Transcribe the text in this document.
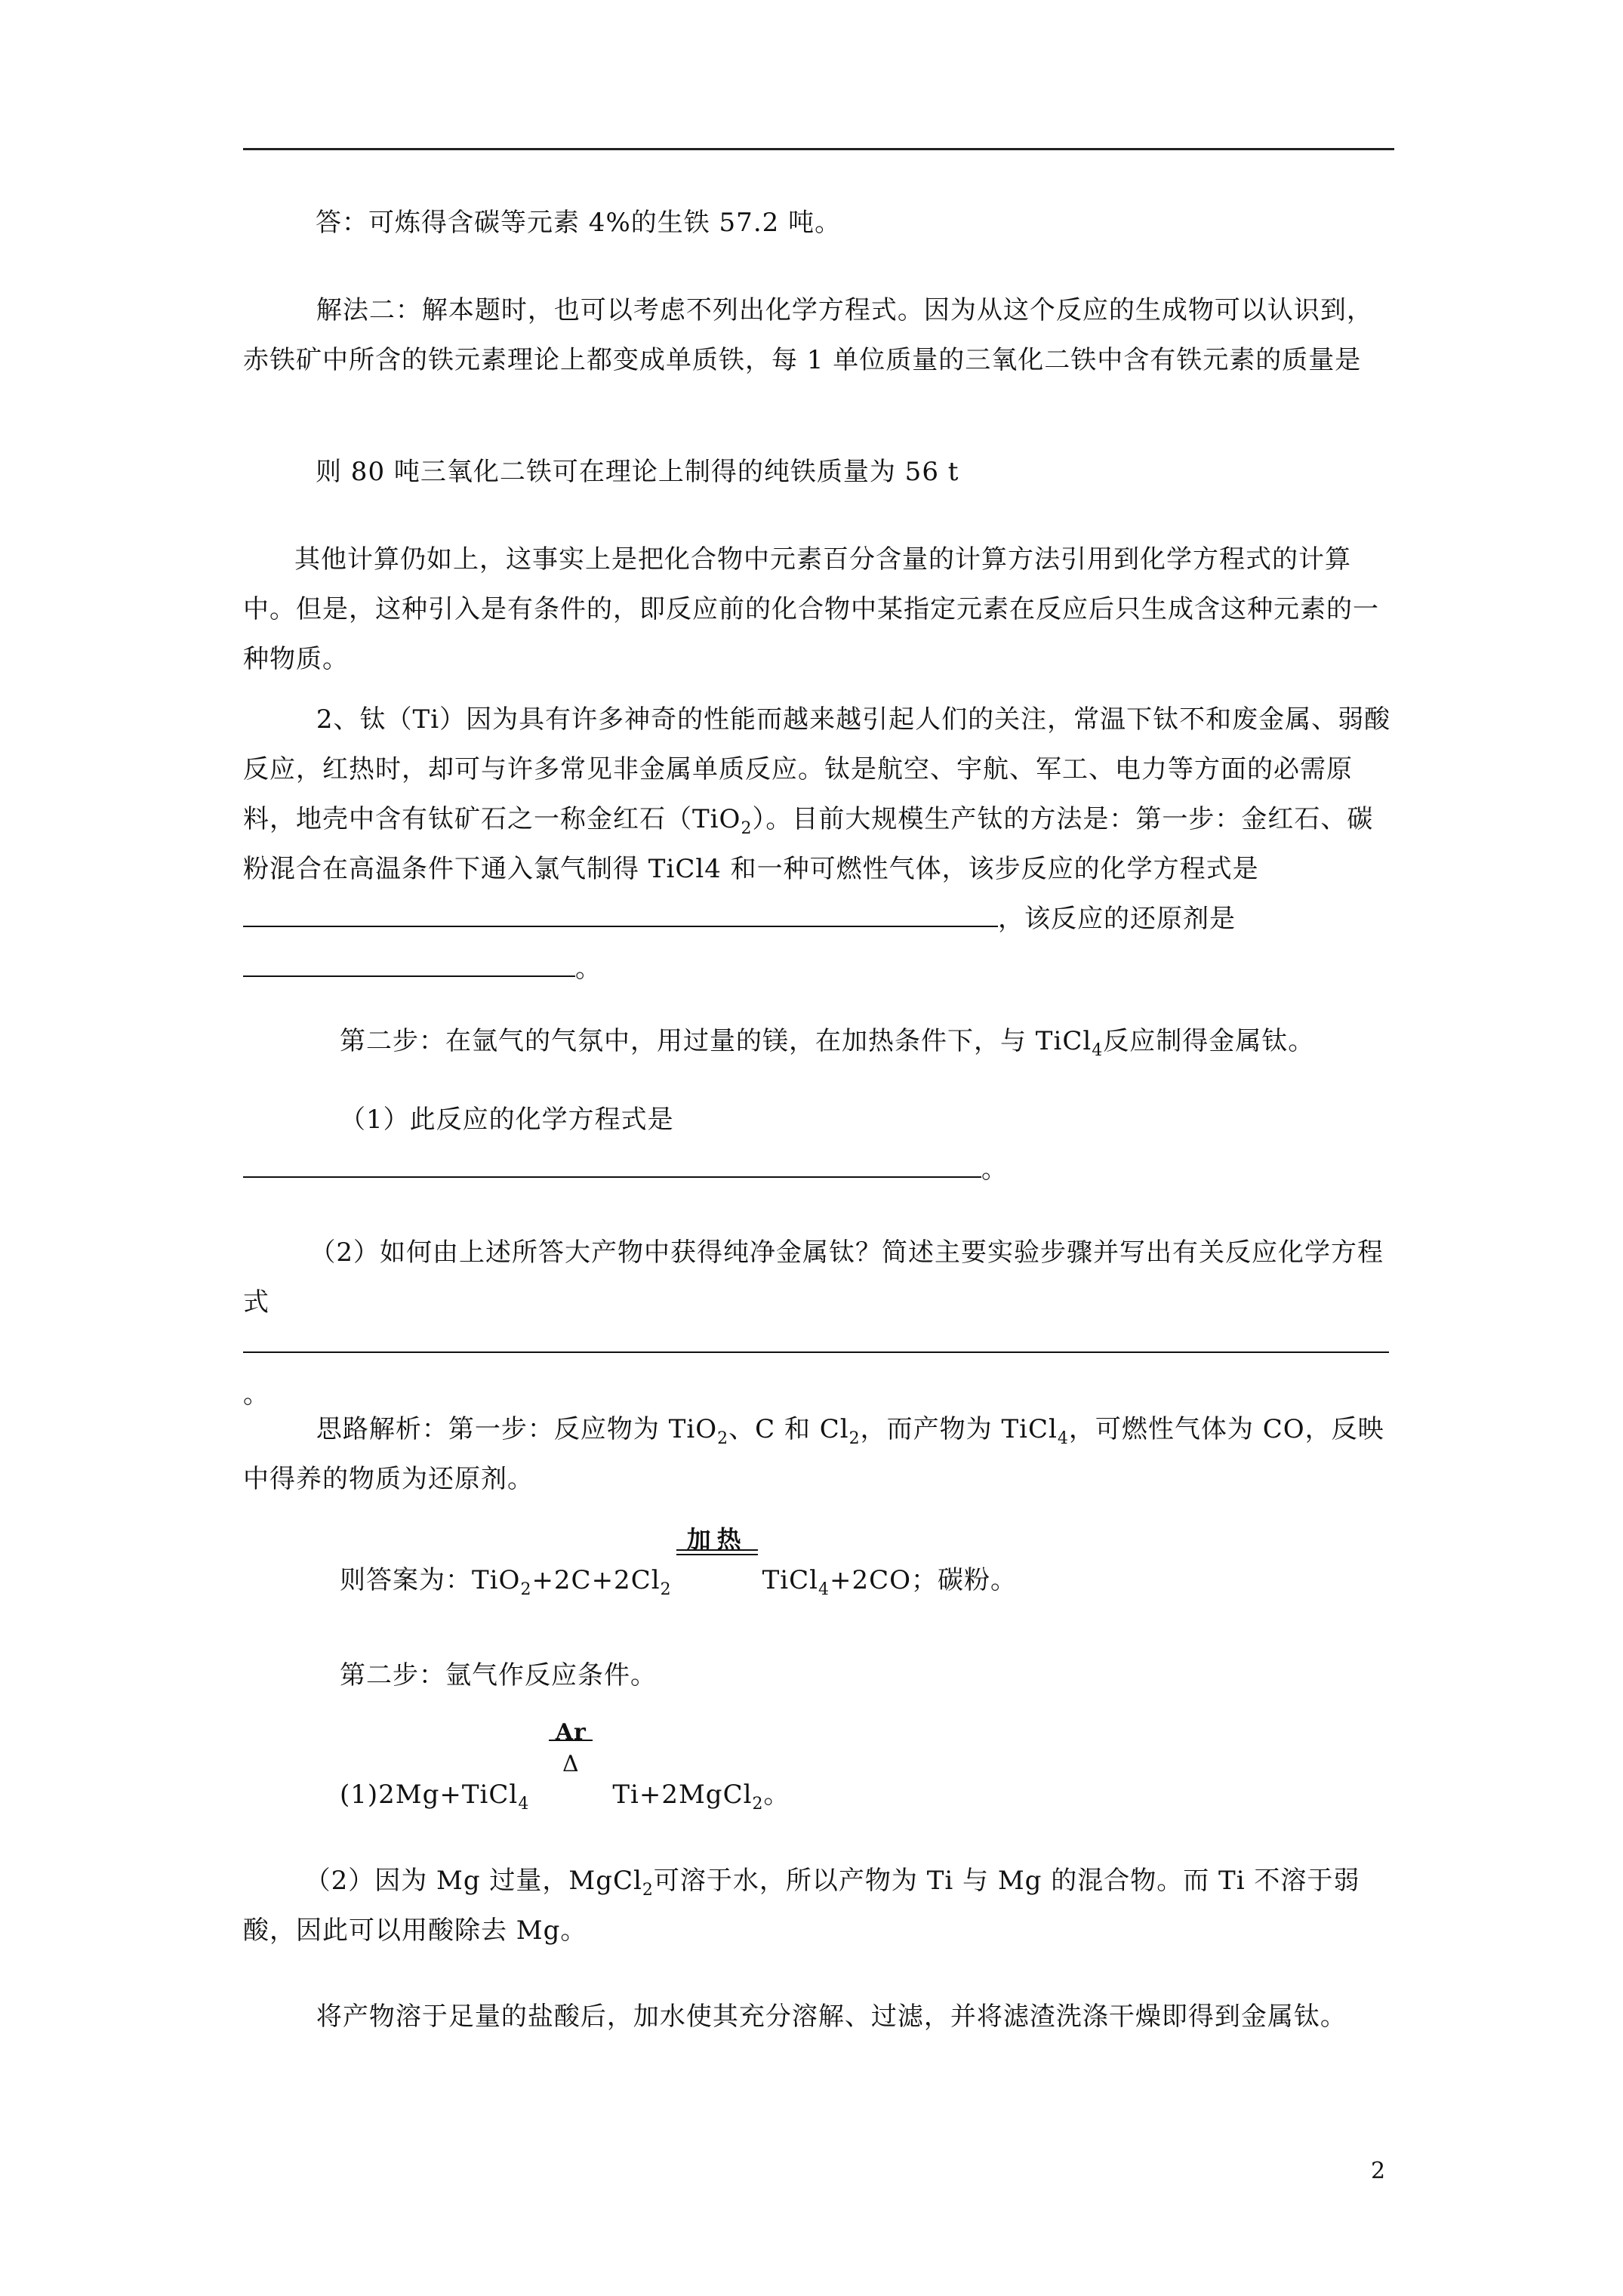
答：可炼得含碳等元素 4%的生铁 57.2 吨。
解法二：解本题时，也可以考虑不列出化学方程式。因为从这个反应的生成物可以认识到，赤铁矿中所含的铁元素理论上都变成单质铁，每 1 单位质量的三氧化二铁中含有铁元素的质量是
则 80 吨三氧化二铁可在理论上制得的纯铁质量为 56 t
其他计算仍如上，这事实上是把化合物中元素百分含量的计算方法引用到化学方程式的计算中。但是，这种引入是有条件的，即反应前的化合物中某指定元素在反应后只生成含这种元素的一种物质。
2、钛（Ti）因为具有许多神奇的性能而越来越引起人们的关注，常温下钛不和废金属、弱酸反应，红热时，却可与许多常见非金属单质反应。钛是航空、宇航、军工、电力等方面的必需原料，地壳中含有钛矿石之一称金红石（TiO$_2$）。目前大规模生产钛的方法是：第一步：金红石、碳粉混合在高温条件下通入氯气制得 TiCl4 和一种可燃性气体，该步反应的化学方程式是，该反应的还原剂是。
第二步：在氩气的气氛中，用过量的镁，在加热条件下，与 TiCl$_4$反应制得金属钛。
（1）此反应的化学方程式是
。
（2）如何由上述所答大产物中获得纯净金属钛？简述主要实验步骤并写出有关反应化学方程式
。
思路解析：第一步：反应物为 TiO$_2$、C 和 $Cl_2$，而产物为 TiCl$_4$，可燃性气体为 CO，反映中得养的物质为还原剂。
则答案为：$TiO_2+2C+2Cl_2$
加热
TiCl$_4$+2CO；碳粉。
第二步：氩气作反应条件。
(1)2Mg+TiCl$_4$
Ar
Δ
Ti+2MgCl$_2$。
（2）因为 Mg 过量，MgCl$_2$可溶于水，所以产物为 Ti 与 Mg 的混合物。而 Ti 不溶于弱酸，因此可以用酸除去 Mg。
将产物溶于足量的盐酸后，加水使其充分溶解、过滤，并将滤渣洗涤干燥即得到金属钛。
2
